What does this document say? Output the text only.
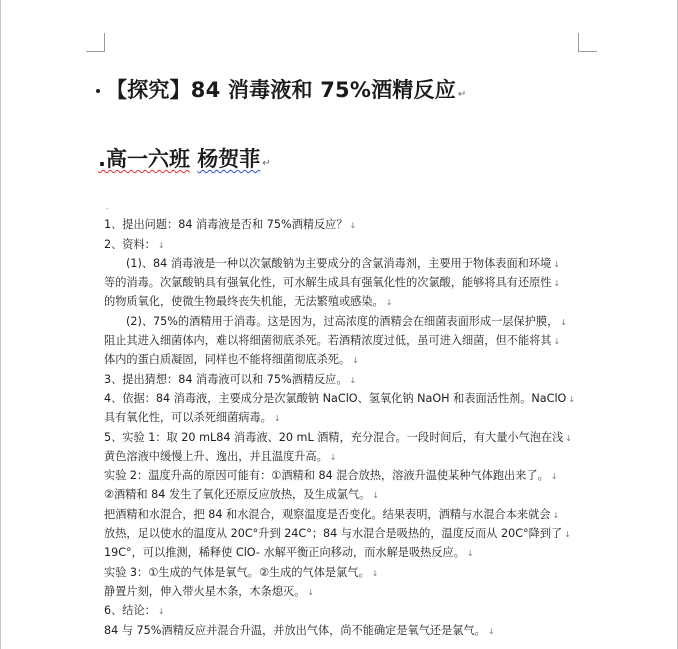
【探究】84 消毒液和 75%酒精反应 ↵
.高一六班 杨贺菲 ↵
.
1、提出问题：84 消毒液是否和 75%酒精反应？ ↓
2、资料： ↓
(1)、84 消毒液是一种以次氯酸钠为主要成分的含氯消毒剂，主要用于物体表面和环境 ↓
等的消毒。次氯酸钠具有强氧化性，可水解生成具有强氧化性的次氯酸，能够将具有还原性 ↓
的物质氧化，使微生物最终丧失机能，无法繁殖或感染。 ↓
(2)、75%的酒精用于消毒。这是因为，过高浓度的酒精会在细菌表面形成一层保护膜， ↓
阻止其进入细菌体内，难以将细菌彻底杀死。若酒精浓度过低，虽可进入细菌，但不能将其 ↓
体内的蛋白质凝固，同样也不能将细菌彻底杀死。 ↓
3、提出猜想：84 消毒液可以和 75%酒精反应。 ↓
4、依据：84 消毒液，主要成分是次氯酸钠 NaClO、氢氧化钠 NaOH 和表面活性剂。NaClO ↓
具有氧化性，可以杀死细菌病毒。 ↓
5、实验 1：取 20 mL84 消毒液、20 mL 酒精，充分混合。一段时间后，有大量小气泡在浅 ↓
黄色溶液中缓慢上升、逸出，并且温度升高。 ↓
实验 2：温度升高的原因可能有：①酒精和 84 混合放热，溶液升温使某种气体跑出来了。 ↓
②酒精和 84 发生了氧化还原反应放热，及生成氯气。 ↓
把酒精和水混合，把 84 和水混合，观察温度是否变化。结果表明，酒精与水混合本来就会 ↓
放热，足以使水的温度从 20C°升到 24C°；84 与水混合是吸热的，温度反而从 20C°降到了 ↓
19C°，可以推测，稀释使 ClO- 水解平衡正向移动，而水解是吸热反应。 ↓
实验 3：①生成的气体是氧气。②生成的气体是氯气。 ↓
静置片刻，伸入带火星木条，木条熄灭。 ↓
6、结论： ↓
84 与 75%酒精反应并混合升温，并放出气体，尚不能确定是氧气还是氯气。 ↓
